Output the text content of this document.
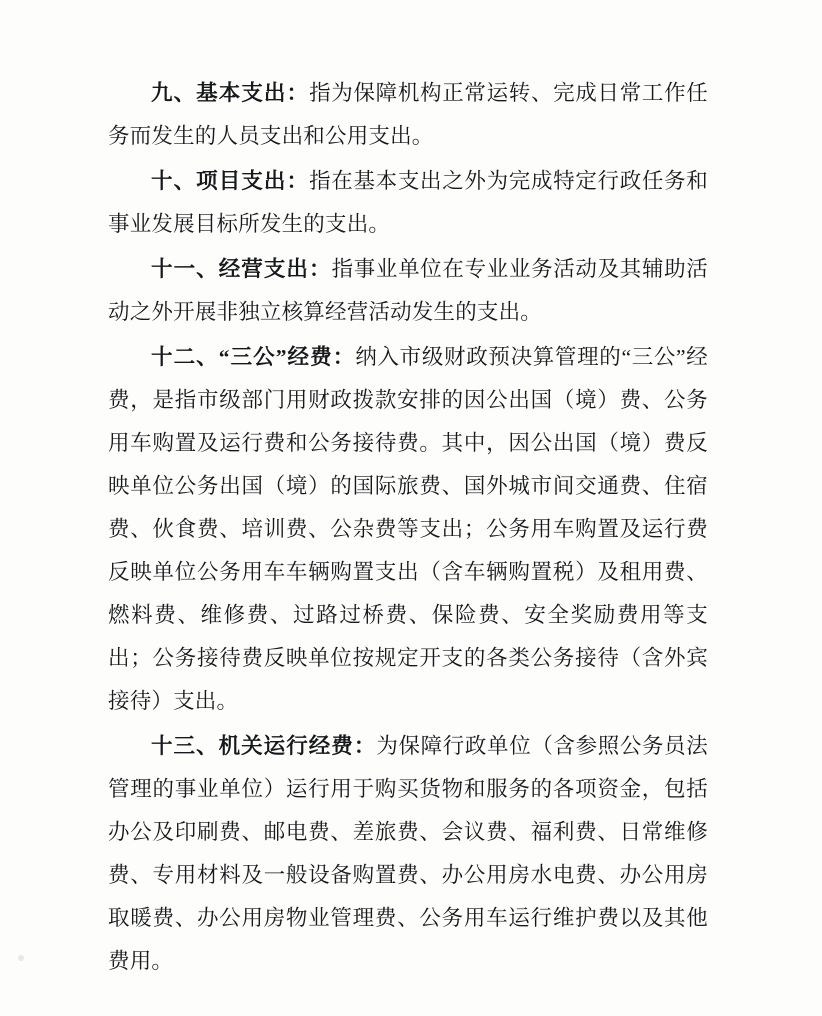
九、基本支出：指为保障机构正常运转、完成日常工作任务而发生的人员支出和公用支出。

十、项目支出：指在基本支出之外为完成特定行政任务和事业发展目标所发生的支出。

十一、经营支出：指事业单位在专业业务活动及其辅助活动之外开展非独立核算经营活动发生的支出。

十二、“三公”经费：纳入市级财政预决算管理的“三公”经费，是指市级部门用财政拨款安排的因公出国（境）费、公务用车购置及运行费和公务接待费。其中，因公出国（境）费反映单位公务出国（境）的国际旅费、国外城市间交通费、住宿费、伙食费、培训费、公杂费等支出；公务用车购置及运行费反映单位公务用车车辆购置支出（含车辆购置税）及租用费、燃料费、维修费、过路过桥费、保险费、安全奖励费用等支出；公务接待费反映单位按规定开支的各类公务接待（含外宾接待）支出。

十三、机关运行经费：为保障行政单位（含参照公务员法管理的事业单位）运行用于购买货物和服务的各项资金，包括办公及印刷费、邮电费、差旅费、会议费、福利费、日常维修费、专用材料及一般设备购置费、办公用房水电费、办公用房取暖费、办公用房物业管理费、公务用车运行维护费以及其他费用。
